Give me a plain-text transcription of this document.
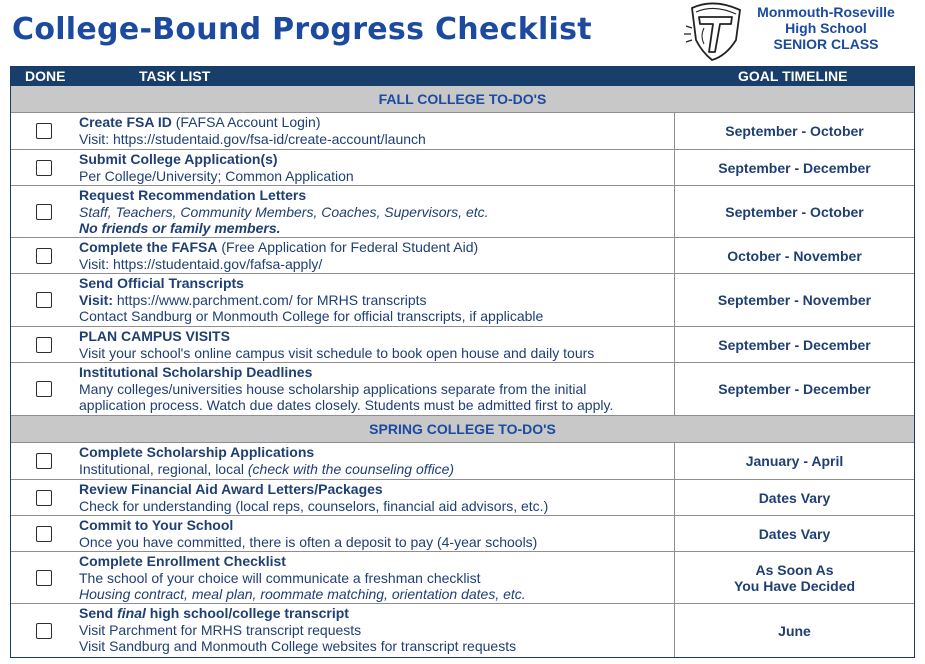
College-Bound Progress Checklist	Monmouth-Roseville
High School
SENIOR CLASS
DONE	TASK LIST	GOAL TIMELINE
FALL COLLEGE TO-DO'S
Create FSA ID (FAFSA Account Login)
Visit: https://studentaid.gov/fsa-id/create-account/launch	September - October
Submit College Application(s)
Per College/University; Common Application	September - December
Request Recommendation Letters
Staff, Teachers, Community Members, Coaches, Supervisors, etc.
No friends or family members.
September - October
Complete the FAFSA (Free Application for Federal Student Aid)
Visit: https://studentaid.gov/fafsa-apply/	October - November
Send Official Transcripts
Visit: https://www.parchment.com/ for MRHS transcripts
Contact Sandburg or Monmouth College for official transcripts, if applicable
September - November
PLAN CAMPUS VISITS
Visit your school's online campus visit schedule to book open house and daily tours	September - December
Institutional Scholarship Deadlines
Many colleges/universities house scholarship applications separate from the initial
application process. Watch due dates closely. Students must be admitted first to apply.
September - December
SPRING COLLEGE TO-DO'S
Complete Scholarship Applications
Institutional, regional, local (check with the counseling office)	January - April
Review Financial Aid Award Letters/Packages
Check for understanding (local reps, counselors, financial aid advisors, etc.)	Dates Vary
Commit to Your School
Once you have committed, there is often a deposit to pay (4-year schools)	Dates Vary
Complete Enrollment Checklist
The school of your choice will communicate a freshman checklist
Housing contract, meal plan, roommate matching, orientation dates, etc.
As Soon As
You Have Decided
Send final high school/college transcript
Visit Parchment for MRHS transcript requests
Visit Sandburg and Monmouth College websites for transcript requests
June
